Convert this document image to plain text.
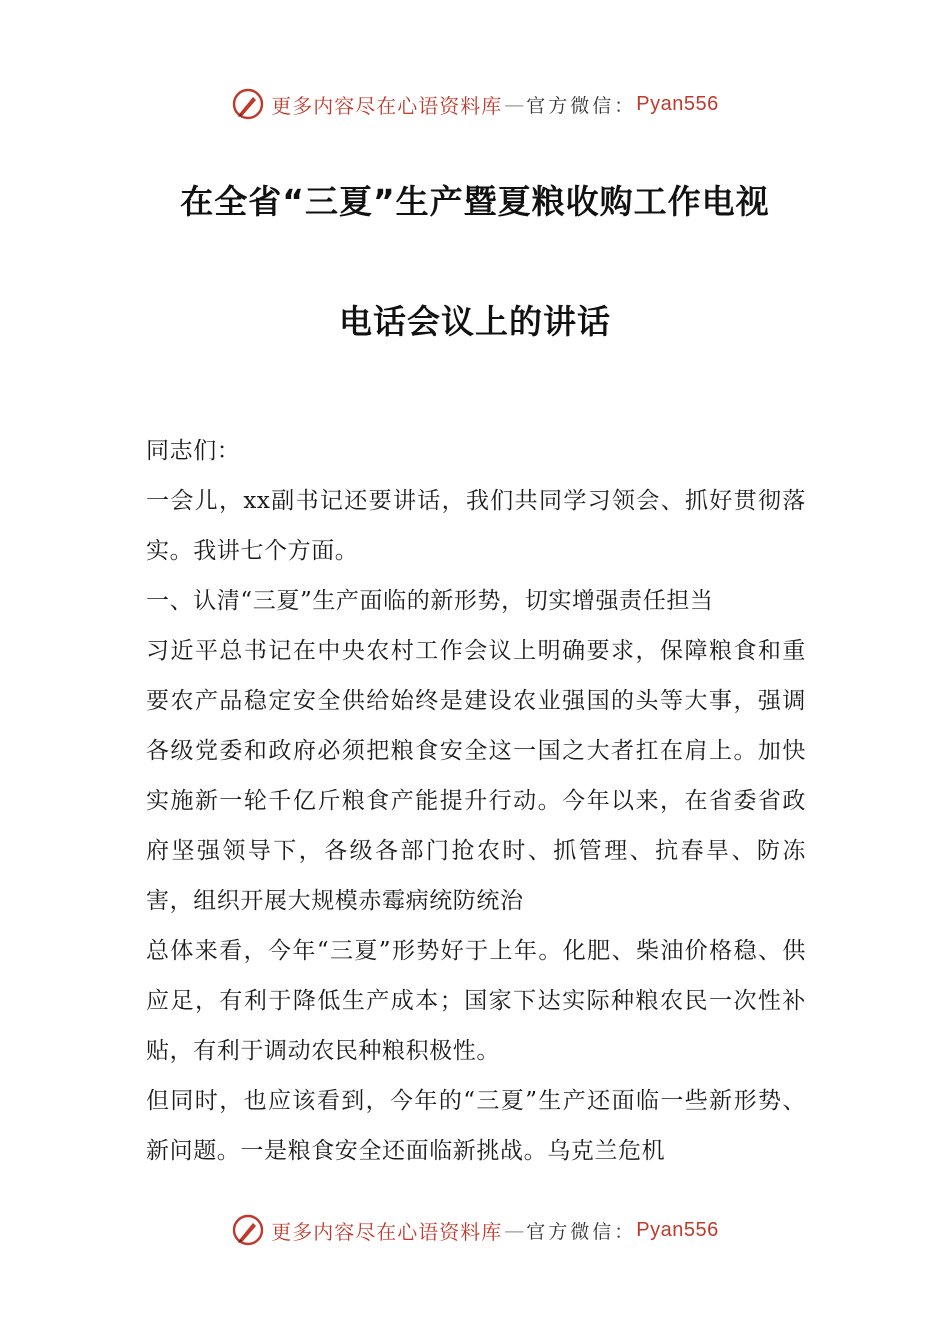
更多内容尽在心语资料库 — 官方微信： Pyan556
在全省“三夏”生产暨夏粮收购工作电视
电话会议上的讲话

同志们：

一会儿，xx副书记还要讲话，我们共同学习领会、抓好贯彻落实。我讲七个方面。

一、认清“三夏”生产面临的新形势，切实增强责任担当

习近平总书记在中央农村工作会议上明确要求，保障粮食和重要农产品稳定安全供给始终是建设农业强国的头等大事，强调各级党委和政府必须把粮食安全这一国之大者扛在肩上。加快实施新一轮千亿斤粮食产能提升行动。今年以来，在省委省政府坚强领导下，各级各部门抢农时、抓管理、抗春旱、防冻害，组织开展大规模赤霉病统防统治

总体来看，今年“三夏”形势好于上年。化肥、柴油价格稳、供应足，有利于降低生产成本；国家下达实际种粮农民一次性补贴，有利于调动农民种粮积极性。

但同时，也应该看到，今年的“三夏”生产还面临一些新形势、新问题。一是粮食安全还面临新挑战。乌克兰危机

更多内容尽在心语资料库 — 官方微信： Pyan556
